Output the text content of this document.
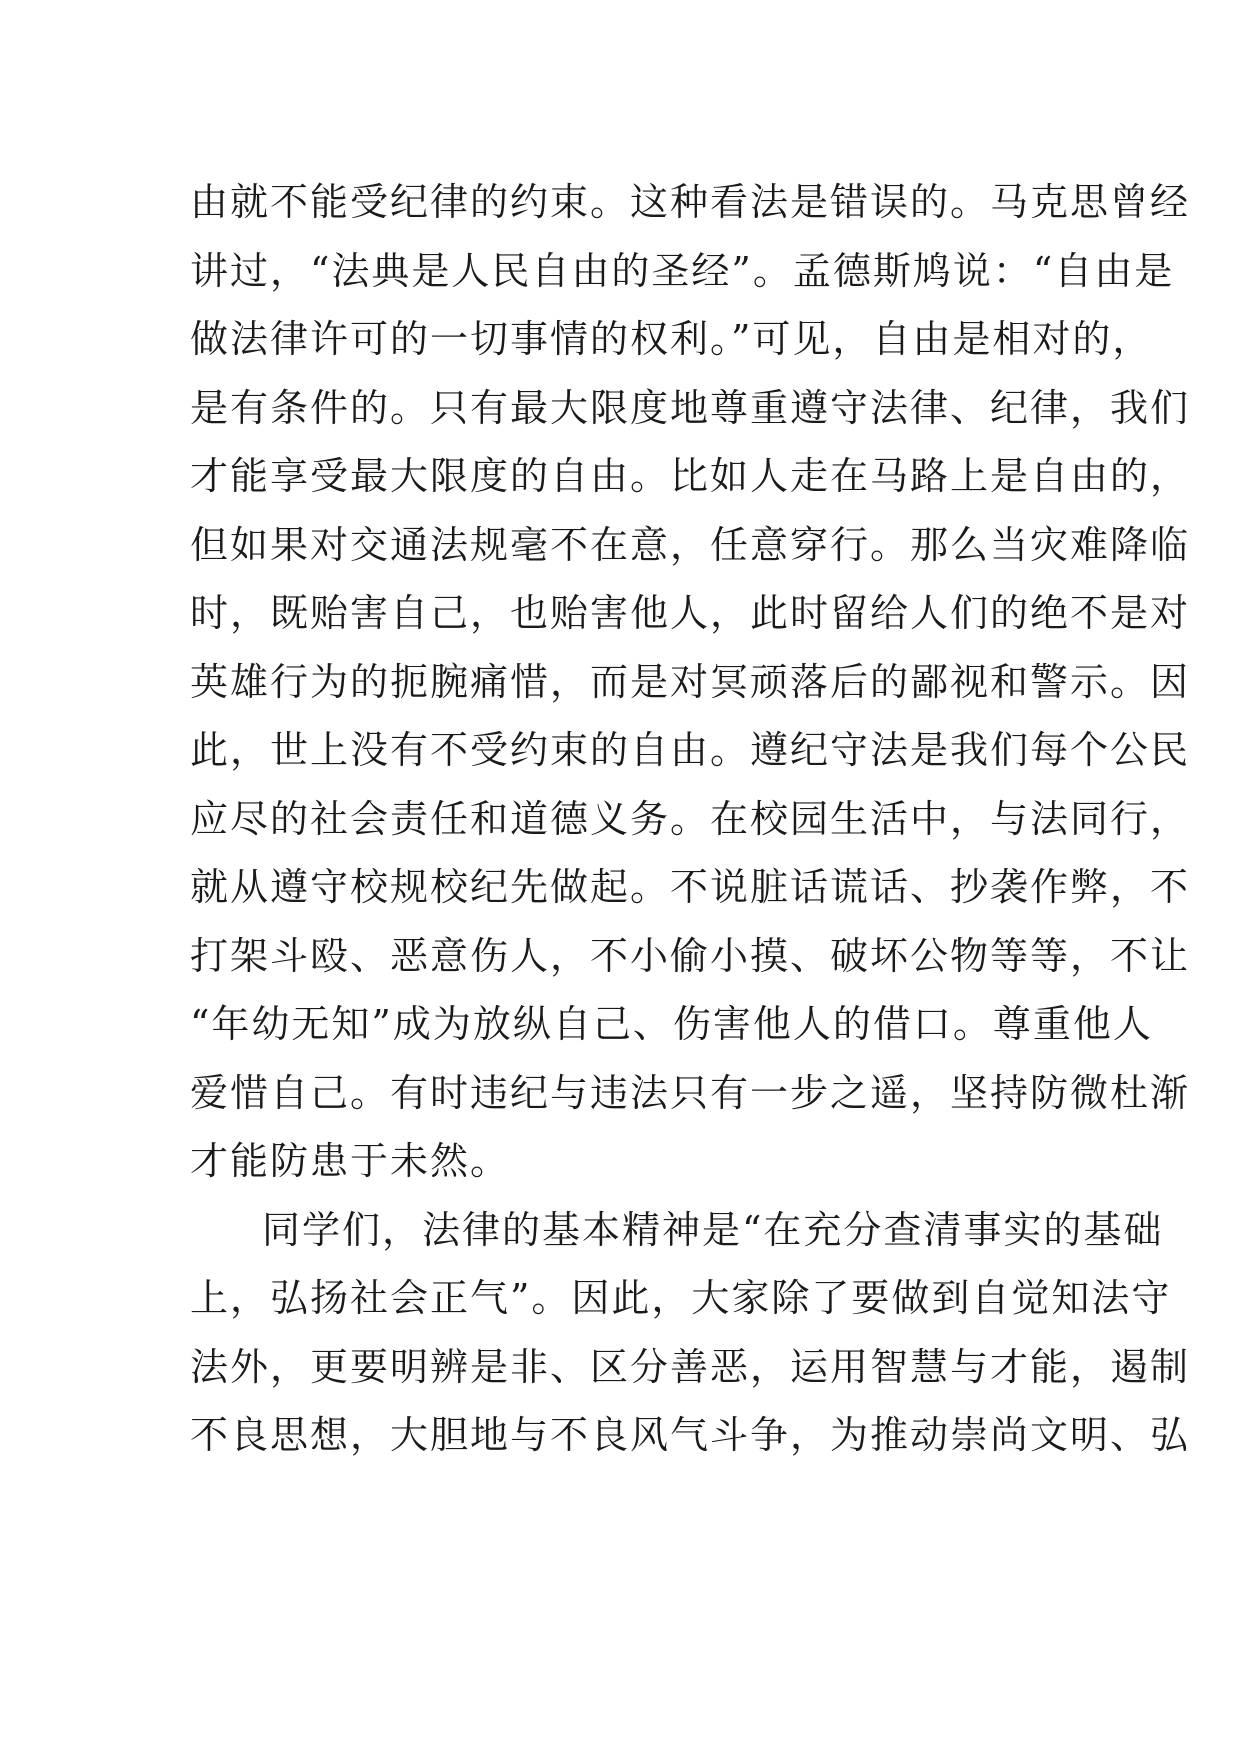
由就不能受纪律的约束。这种看法是错误的。马克思曾经
讲过，“法典是人民自由的圣经”。孟德斯鸠说：“自由是
做法律许可的一切事情的权利。”可见，自由是相对的，
是有条件的。只有最大限度地尊重遵守法律、纪律，我们
才能享受最大限度的自由。比如人走在马路上是自由的，
但如果对交通法规毫不在意，任意穿行。那么当灾难降临
时，既贻害自己，也贻害他人，此时留给人们的绝不是对
英雄行为的扼腕痛惜，而是对冥顽落后的鄙视和警示。因
此，世上没有不受约束的自由。遵纪守法是我们每个公民
应尽的社会责任和道德义务。在校园生活中，与法同行，
就从遵守校规校纪先做起。不说脏话谎话、抄袭作弊，不
打架斗殴、恶意伤人，不小偷小摸、破坏公物等等，不让
“年幼无知”成为放纵自己、伤害他人的借口。尊重他人
爱惜自己。有时违纪与违法只有一步之遥，坚持防微杜渐
才能防患于未然。
同学们，法律的基本精神是“在充分查清事实的基础
上，弘扬社会正气”。因此，大家除了要做到自觉知法守
法外，更要明辨是非、区分善恶，运用智慧与才能，遏制
不良思想，大胆地与不良风气斗争，为推动崇尚文明、弘
